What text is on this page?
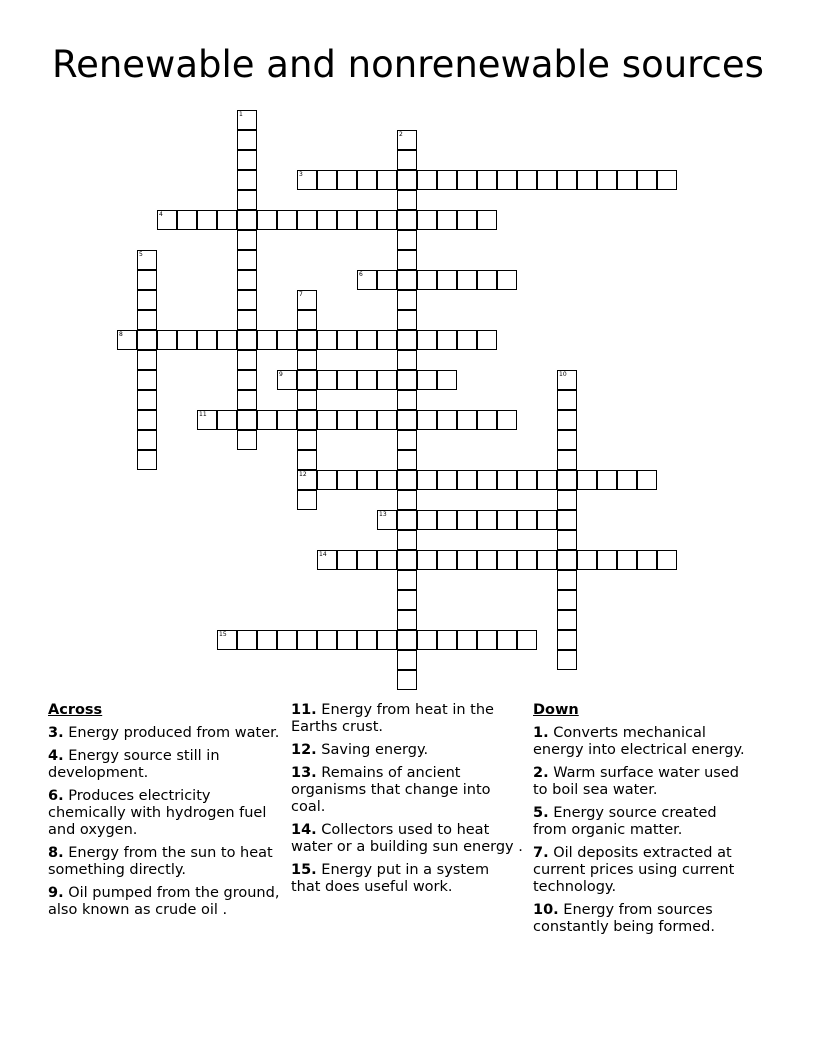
Renewable and nonrenewable sources
1
2
3
4
5
6
7
12
8
9	10
11
13
14
15
Across
3. Energy produced from water.
4. Energy source still in development.
6. Produces electricity chemically with hydrogen fuel and oxygen.
8. Energy from the sun to heat something directly.
9. Oil pumped from the ground, also known as crude oil .
11. Energy from heat in the Earths crust.
12. Saving energy.
13. Remains of ancient organisms that change into coal.
14. Collectors used to heat water or a building sun energy .
15. Energy put in a system that does useful work.
Down
1. Converts mechanical energy into electrical energy.
2. Warm surface water used to boil sea water.
5. Energy source created from organic matter.
7. Oil deposits extracted at current prices using current technology.
10. Energy from sources constantly being formed.
